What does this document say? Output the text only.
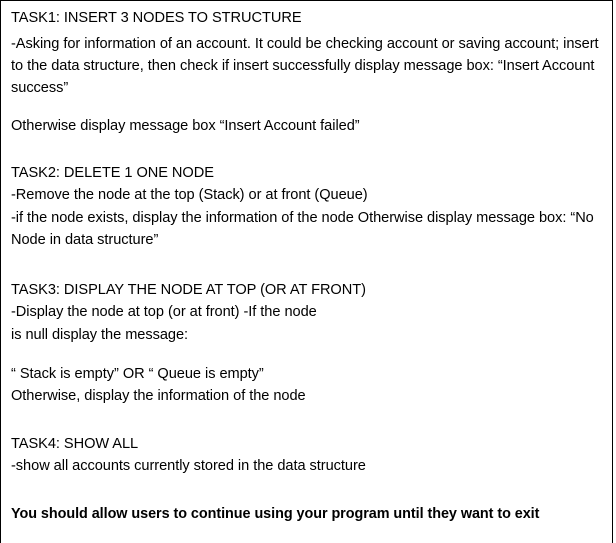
TASK1: INSERT 3 NODES TO STRUCTURE
-Asking for information of an account. It could be checking account or saving account; insert
to the data structure, then check if insert successfully display message box: “Insert Account
success”
Otherwise display message box “Insert Account failed”
TASK2: DELETE 1 ONE NODE
-Remove the node at the top (Stack) or at front (Queue)
-if the node exists, display the information of the node Otherwise display message box: “No
Node in data structure”
TASK3: DISPLAY THE NODE AT TOP (OR AT FRONT)
-Display the node at top (or at front) -If the node
is null display the message:
“ Stack is empty” OR “ Queue is empty”
Otherwise, display the information of the node
TASK4: SHOW ALL
-show all accounts currently stored in the data structure
You should allow users to continue using your program until they want to exit
